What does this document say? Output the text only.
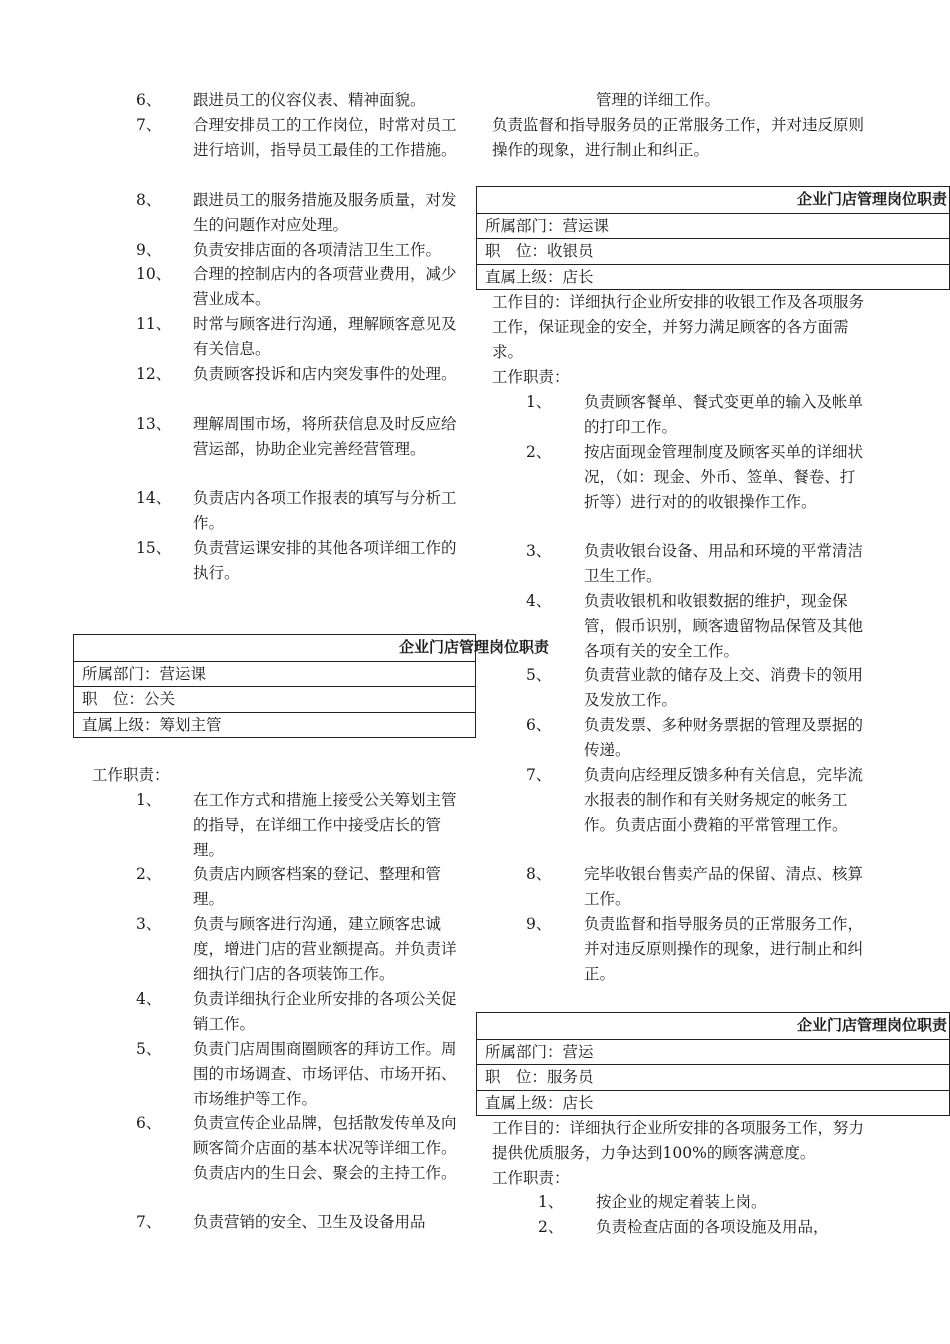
6、 跟进员工的仪容仪表、精神面貌。
7、 合理安排员工的工作岗位，时常对员工进行培训，指导员工最佳的工作措施。
8、 跟进员工的服务措施及服务质量，对发生的问题作对应处理。
9、 负责安排店面的各项清洁卫生工作。
10、 合理的控制店内的各项营业费用，减少营业成本。
11、 时常与顾客进行沟通，理解顾客意见及有关信息。
12、 负责顾客投诉和店内突发事件的处理。
13、 理解周围市场，将所获信息及时反应给营运部，协助企业完善经营管理。
14、 负责店内各项工作报表的填写与分析工作。
15、 负责营运课安排的其他各项详细工作的执行。
企业门店管理岗位职责
所属部门：营运课
职　位：公关
直属上级：筹划主管
工作职责：
1、 在工作方式和措施上接受公关筹划主管的指导，在详细工作中接受店长的管理。
2、 负责店内顾客档案的登记、整理和管理。
3、 负责与顾客进行沟通，建立顾客忠诚度，增进门店的营业额提高。并负责详细执行门店的各项装饰工作。
4、 负责详细执行企业所安排的各项公关促销工作。
5、 负责门店周围商圈顾客的拜访工作。周围的市场调查、市场评估、市场开拓、市场维护等工作。
6、 负责宣传企业品牌，包括散发传单及向顾客简介店面的基本状况等详细工作。负责店内的生日会、聚会的主持工作。
7、 负责营销的安全、卫生及设备用品
管理的详细工作。
负责监督和指导服务员的正常服务工作，并对违反原则操作的现象，进行制止和纠正。
企业门店管理岗位职责
所属部门：营运课
职　位：收银员
直属上级：店长
工作目的：详细执行企业所安排的收银工作及各项服务工作，保证现金的安全，并努力满足顾客的各方面需求。
工作职责：
1、 负责顾客餐单、餐式变更单的输入及帐单的打印工作。
2、 按店面现金管理制度及顾客买单的详细状况，（如：现金、外币、签单、餐卷、打折等）进行对的的收银操作工作。
3、 负责收银台设备、用品和环境的平常清洁卫生工作。
4、 负责收银机和收银数据的维护，现金保管，假币识别，顾客遗留物品保管及其他各项有关的安全工作。
5、 负责营业款的储存及上交、消费卡的领用及发放工作。
6、 负责发票、多种财务票据的管理及票据的传递。
7、 负责向店经理反馈多种有关信息，完毕流水报表的制作和有关财务规定的帐务工作。负责店面小费箱的平常管理工作。
8、 完毕收银台售卖产品的保留、清点、核算工作。
9、 负责监督和指导服务员的正常服务工作，并对违反原则操作的现象，进行制止和纠正。
企业门店管理岗位职责
所属部门：营运
职　位：服务员
直属上级：店长
工作目的：详细执行企业所安排的各项服务工作，努力提供优质服务，力争达到100%的顾客满意度。
工作职责：
1、 按企业的规定着装上岗。
2、 负责检查店面的各项设施及用品，
